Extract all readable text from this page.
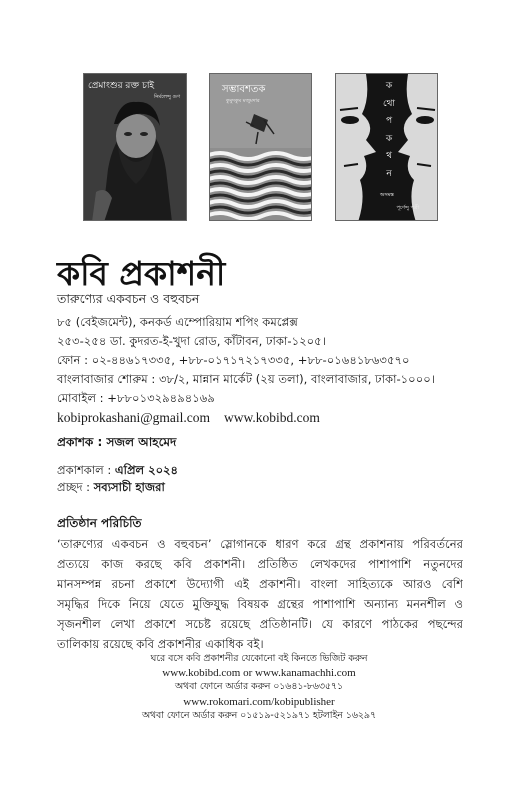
প্রেমাংশুর রক্ত চাই
নির্মলেন্দু গুণ
সম্ভাবশতক
কুমুদকুম মজুমদার
ক
থো
প
ক
থ
ন
অসমন্ত
পূর্ণেন্দু পত্রী
কবি প্রকাশনী
তারুণ্যের একবচন ও বহুবচন
৮৫ (বেইজমেন্ট), কনকর্ড এম্পোরিয়াম শপিং কমপ্লেক্স
২৫৩-২৫৪ ডা. কুদরত-ই-খুদা রোড, কাঁটাবন, ঢাকা-১২০৫।
ফোন : ০২-৪৪৬১৭৩৩৫, +৮৮-০১৭১৭২১৭৩৩৫, +৮৮-০১৬৪১৮৬৩৫৭০
বাংলাবাজার শোরুম : ৩৮/২, মান্নান মার্কেট (২য় তলা), বাংলাবাজার, ঢাকা-১০০০।
মোবাইল : +৮৮০১৩২৯৪৯৪১৬৯
kobiprokashani@gmail.com www.kobibd.com
প্রকাশক : সজল আহমেদ
প্রকাশকাল : এপ্রিল ২০২৪
প্রচ্ছদ : সব্যসাচী হাজরা
প্রতিষ্ঠান পরিচিতি
‘তারুণ্যের একবচন ও বহুবচন’ স্লোগানকে ধারণ করে গ্রন্থ প্রকাশনায় পরিবর্তনের
প্রত্যয়ে কাজ করছে কবি প্রকাশনী। প্রতিষ্ঠিত লেখকদের পাশাপাশি নতুনদের
মানসম্পন্ন রচনা প্রকাশে উদ্যোগী এই প্রকাশনী। বাংলা সাহিত্যকে আরও বেশি
সমৃদ্ধির দিকে নিয়ে যেতে মুক্তিযুদ্ধ বিষয়ক গ্রন্থের পাশাপাশি অন্যান্য মননশীল ও
সৃজনশীল লেখা প্রকাশে সচেষ্ট রয়েছে প্রতিষ্ঠানটি। যে কারণে পাঠকের পছন্দের
তালিকায় রয়েছে কবি প্রকাশনীর একাধিক বই।
ঘরে বসে কবি প্রকাশনীর যেকোনো বই কিনতে ভিজিট করুন
www.kobibd.com or www.kanamachhi.com
অথবা ফোনে অর্ডার করুন ০১৬৪১-৮৬৩৫৭১
www.rokomari.com/kobipublisher
অথবা ফোনে অর্ডার করুন ০১৫১৯-৫২১৯৭১ হটলাইন ১৬২৯৭
